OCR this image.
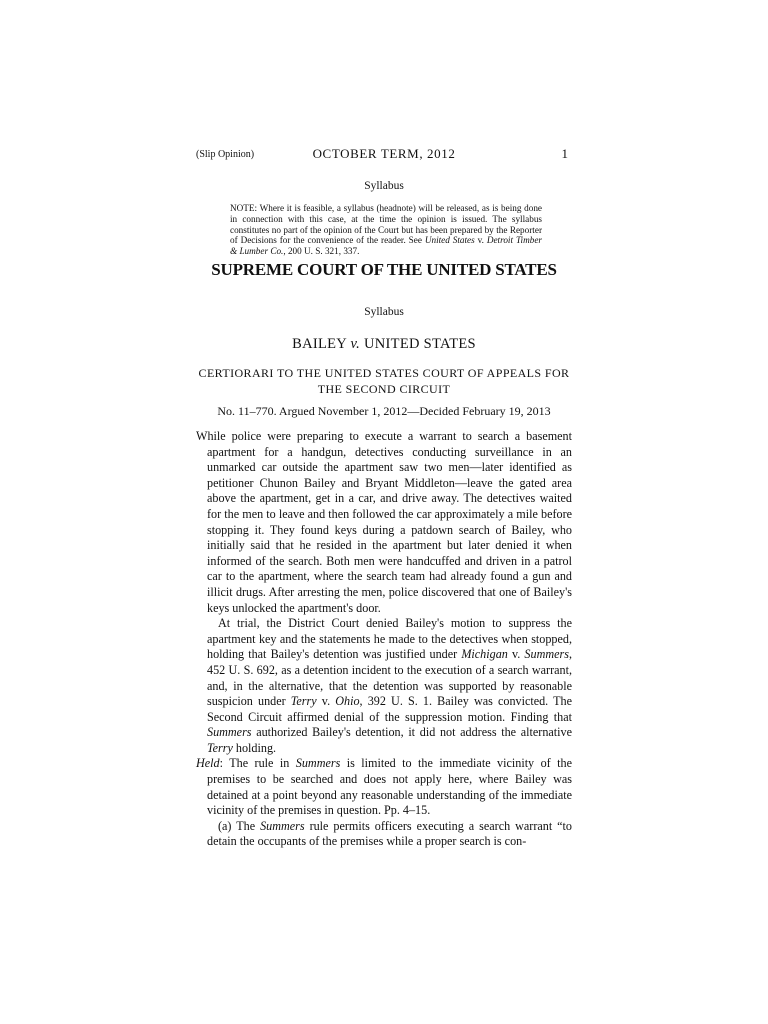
(Slip Opinion)	OCTOBER TERM, 2012	1
Syllabus
NOTE: Where it is feasible, a syllabus (headnote) will be released, as is being done in connection with this case, at the time the opinion is issued. The syllabus constitutes no part of the opinion of the Court but has been prepared by the Reporter of Decisions for the convenience of the reader. See United States v. Detroit Timber & Lumber Co., 200 U. S. 321, 337.
SUPREME COURT OF THE UNITED STATES
Syllabus
BAILEY v. UNITED STATES
CERTIORARI TO THE UNITED STATES COURT OF APPEALS FOR
THE SECOND CIRCUIT
No. 11–770. Argued November 1, 2012—Decided February 19, 2013

While police were preparing to execute a warrant to search a basement apartment for a handgun, detectives conducting surveillance in an unmarked car outside the apartment saw two men—later identified as petitioner Chunon Bailey and Bryant Middleton—leave the gated area above the apartment, get in a car, and drive away. The detectives waited for the men to leave and then followed the car approximately a mile before stopping it. They found keys during a patdown search of Bailey, who initially said that he resided in the apartment but later denied it when informed of the search. Both men were handcuffed and driven in a patrol car to the apartment, where the search team had already found a gun and illicit drugs. After arresting the men, police discovered that one of Bailey's keys unlocked the apartment's door.

At trial, the District Court denied Bailey's motion to suppress the apartment key and the statements he made to the detectives when stopped, holding that Bailey's detention was justified under Michigan v. Summers, 452 U. S. 692, as a detention incident to the execution of a search warrant, and, in the alternative, that the detention was supported by reasonable suspicion under Terry v. Ohio, 392 U. S. 1. Bailey was convicted. The Second Circuit affirmed denial of the suppression motion. Finding that Summers authorized Bailey's detention, it did not address the alternative Terry holding.

Held: The rule in Summers is limited to the immediate vicinity of the premises to be searched and does not apply here, where Bailey was detained at a point beyond any reasonable understanding of the immediate vicinity of the premises in question. Pp. 4–15.

(a) The Summers rule permits officers executing a search warrant “to detain the occupants of the premises while a proper search is con-
